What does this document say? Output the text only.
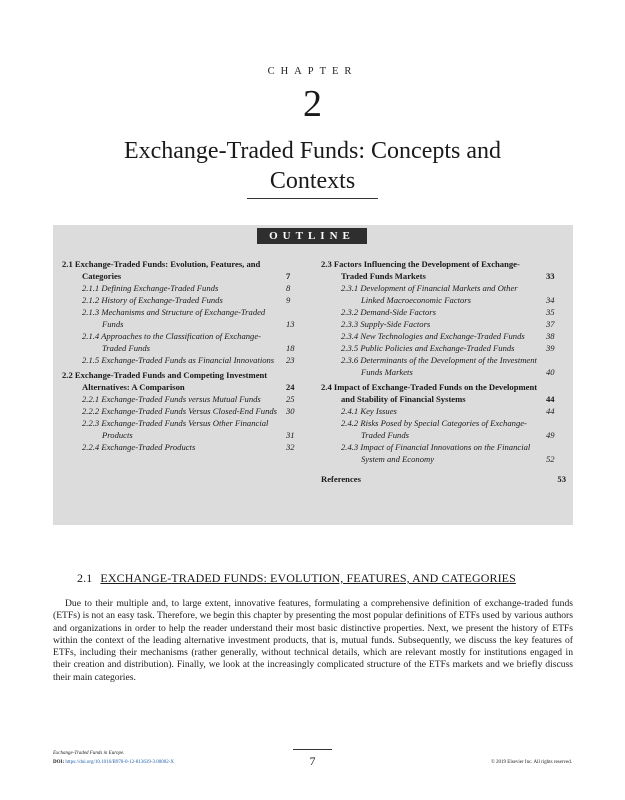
CHAPTER
2
Exchange-Traded Funds: Concepts and Contexts
OUTLINE
2.1 Exchange-Traded Funds: Evolution, Features, and Categories	7
2.1.1 Defining Exchange-Traded Funds	8
2.1.2 History of Exchange-Traded Funds	9
2.1.3 Mechanisms and Structure of Exchange-Traded Funds	13
2.1.4 Approaches to the Classification of Exchange-Traded Funds	18
2.1.5 Exchange-Traded Funds as Financial Innovations 23
2.2 Exchange-Traded Funds and Competing Investment Alternatives: A Comparison	24
2.2.1 Exchange-Traded Funds versus Mutual Funds	25
2.2.2 Exchange-Traded Funds Versus Closed-End Funds 30
2.2.3 Exchange-Traded Funds Versus Other Financial Products	31
2.2.4 Exchange-Traded Products	32
2.3 Factors Influencing the Development of Exchange-Traded Funds Markets	33
2.3.1 Development of Financial Markets and Other Linked Macroeconomic Factors	34
2.3.2 Demand-Side Factors	35
2.3.3 Supply-Side Factors	37
2.3.4 New Technologies and Exchange-Traded Funds 38
2.3.5 Public Policies and Exchange-Traded Funds	39
2.3.6 Determinants of the Development of the Investment Funds Markets	40
2.4 Impact of Exchange-Traded Funds on the Development and Stability of Financial Systems	44
2.4.1 Key Issues	44
2.4.2 Risks Posed by Special Categories of Exchange-Traded Funds	49
2.4.3 Impact of Financial Innovations on the Financial System and Economy	52
References	53
2.1 EXCHANGE-TRADED FUNDS: EVOLUTION, FEATURES, AND CATEGORIES

Due to their multiple and, to large extent, innovative features, formulating a comprehensive definition of exchange-traded funds (ETFs) is not an easy task. Therefore, we begin this chapter by presenting the most popular definitions of ETFs used by various authors and organizations in order to help the reader understand their most basic distinctive properties. Next, we present the history of ETFs within the context of the leading alternative investment products, that is, mutual funds. Subsequently, we discuss the key features of ETFs, including their mechanisms (rather generally, without technical details, which are relevant mostly for institutions engaged in their creation and distribution). Finally, we look at the increasingly complicated structure of the ETFs markets and we briefly discuss their main categories.

Exchange-Traded Funds in Europe.
DOI: https://doi.org/10.1016/B978-0-12-813639-3.00002-X	7	© 2019 Elsevier Inc. All rights reserved.
